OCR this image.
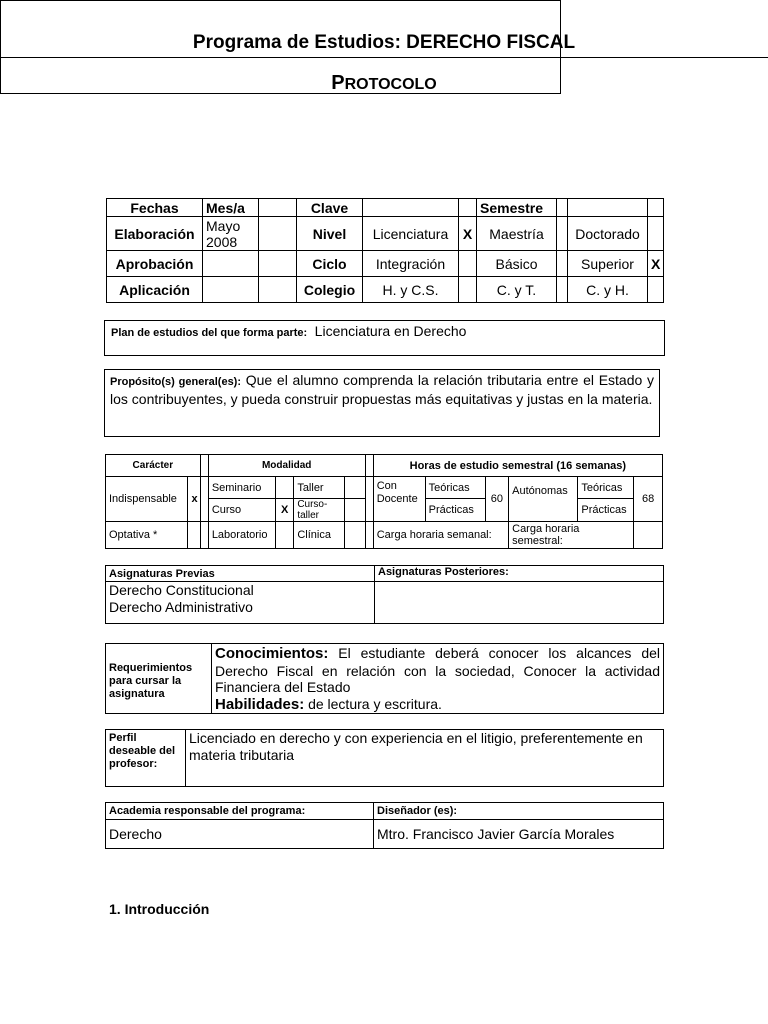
Programa de Estudios: DERECHO FISCAL
PROTOCOLO
Fechas	Mes/a		Clave			Semestre			
Elaboración	Mayo 2008		Nivel	Licenciatura	X	Maestría		Doctorado	
Aprobación			Ciclo	Integración		Básico		Superior	X
Aplicación			Colegio	H. y C.S.		C. y T.		C. y H.	
Plan de estudios del que forma parte: Licenciatura en Derecho
Propósito(s) general(es): Que el alumno comprenda la relación tributaria entre el Estado y los contribuyentes, y pueda construir propuestas más equitativas y justas en la materia.
Carácter			Modalidad					Horas de estudio semestral (16 semanas)					
Indispensable	x		Seminario		Taller			Con Docente	Teóricas	60	Autónomas	Teóricas	68
			Curso	X	Curso-taller				Prácticas			Prácticas	
Optativa *			Laboratorio		Clínica			Carga horaria semanal:			Carga horaria semestral:		
Asignaturas Previas	Asignaturas Posteriores:

Derecho Constitucional
Derecho Administrativo	

Requerimientos para cursar la asignatura	Conocimientos: El estudiante deberá conocer los alcances del Derecho Fiscal en relación con la sociedad, Conocer la actividad Financiera del Estado
Habilidades: de lectura y escritura.
Perfil deseable del profesor:	Licenciado en derecho y con experiencia en el litigio, preferentemente en materia tributaria
Academia responsable del programa:	Diseñador (es):
Derecho	Mtro. Francisco Javier García Morales
1. Introducción
